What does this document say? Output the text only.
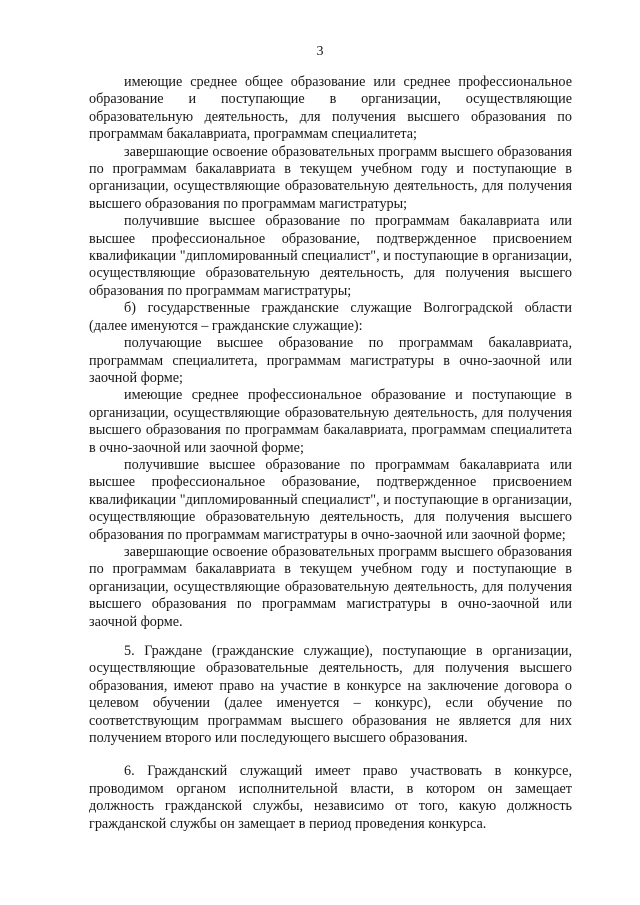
3

имеющие среднее общее образование или среднее профессиональное образование и поступающие в организации, осуществляющие образовательную деятельность, для получения высшего образования по программам бакалавриата, программам специалитета;

завершающие освоение образовательных программ высшего образования по программам бакалавриата в текущем учебном году и поступающие в организации, осуществляющие образовательную деятельность, для получения высшего образования по программам магистратуры;

получившие высшее образование по программам бакалавриата или высшее профессиональное образование, подтвержденное присвоением квалификации "дипломированный специалист", и поступающие в организации, осуществляющие образовательную деятельность, для получения высшего образования по программам магистратуры;

б) государственные гражданские служащие Волгоградской области (далее именуются – гражданские служащие):

получающие высшее образование по программам бакалавриата, программам специалитета, программам магистратуры в очно-заочной или заочной форме;

имеющие среднее профессиональное образование и поступающие в организации, осуществляющие образовательную деятельность, для получения высшего образования по программам бакалавриата, программам специалитета в очно-заочной или заочной форме;

получившие высшее образование по программам бакалавриата или высшее профессиональное образование, подтвержденное присвоением квалификации "дипломированный специалист", и поступающие в организации, осуществляющие образовательную деятельность, для получения высшего образования по программам магистратуры в очно-заочной или заочной форме;

завершающие освоение образовательных программ высшего образования по программам бакалавриата в текущем учебном году и поступающие в организации, осуществляющие образовательную деятельность, для получения высшего образования по программам магистратуры в очно-заочной или заочной форме.

5. Граждане (гражданские служащие), поступающие в организации, осуществляющие образовательные деятельность, для получения высшего образования, имеют право на участие в конкурсе на заключение договора о целевом обучении (далее именуется – конкурс), если обучение по соответствующим программам высшего образования не является для них получением второго или последующего высшего образования.

6. Гражданский служащий имеет право участвовать в конкурсе, проводимом органом исполнительной власти, в котором он замещает должность гражданской службы, независимо от того, какую должность гражданской службы он замещает в период проведения конкурса.
